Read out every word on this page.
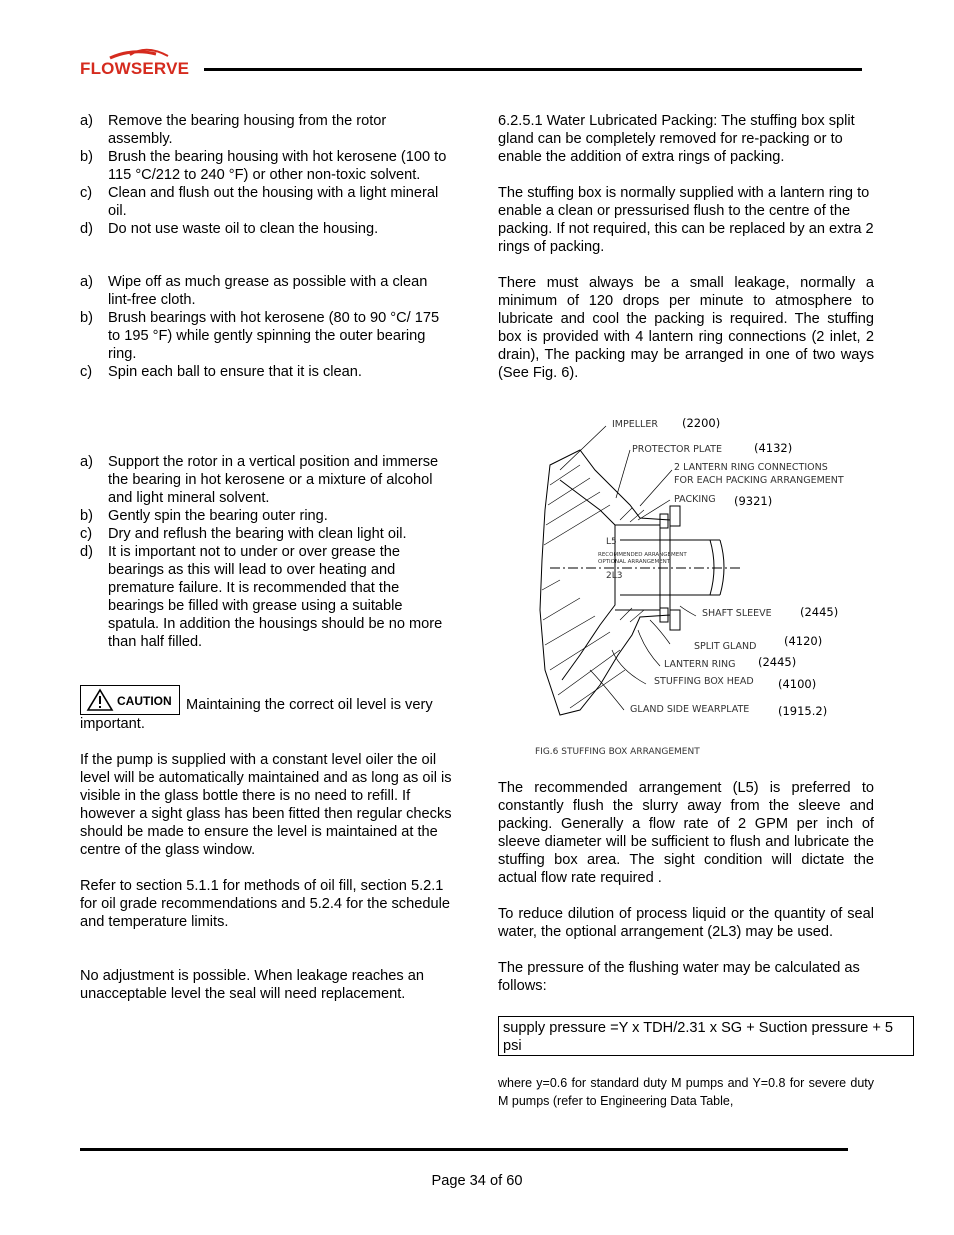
FLOWSERVE
a) Remove the bearing housing from the rotor assembly.
b) Brush the bearing housing with hot kerosene (100 to 115 °C/212 to 240 °F) or other non-toxic solvent.
c) Clean and flush out the housing with a light mineral oil.
d) Do not use waste oil to clean the housing.
a) Wipe off as much grease as possible with a clean lint-free cloth.
b) Brush bearings with hot kerosene (80 to 90 °C/ 175 to 195 °F) while gently spinning the outer bearing ring.
c) Spin each ball to ensure that it is clean.
a) Support the rotor in a vertical position and immerse the bearing in hot kerosene or a mixture of alcohol and light mineral solvent.
b) Gently spin the bearing outer ring.
c) Dry and reflush the bearing with clean light oil.
d) It is important not to under or over grease the bearings as this will lead to over heating and premature failure. It is recommended that the bearings be filled with grease using a suitable spatula. In addition the housings should be no more than half filled.

CAUTION Maintaining the correct oil level is very important.

If the pump is supplied with a constant level oiler the oil level will be automatically maintained and as long as oil is visible in the glass bottle there is no need to refill. If however a sight glass has been fitted then regular checks should be made to ensure the level is maintained at the centre of the glass window.

Refer to section 5.1.1 for methods of oil fill, section 5.2.1 for oil grade recommendations and 5.2.4 for the schedule and temperature limits.

No adjustment is possible. When leakage reaches an unacceptable level the seal will need replacement.

6.2.5.1 Water Lubricated Packing: The stuffing box split gland can be completely removed for re-packing or to enable the addition of extra rings of packing.

The stuffing box is normally supplied with a lantern ring to enable a clean or pressurised flush to the centre of the packing. If not required, this can be replaced by an extra 2 rings of packing.

There must always be a small leakage, normally a minimum of 120 drops per minute to atmosphere to lubricate and cool the packing is required. The stuffing box is provided with 4 lantern ring connections (2 inlet, 2 drain), The packing may be arranged in one of two ways (See Fig. 6).

IMPELLER
PROTECTOR PLATE
2 LANTERN RING CONNECTIONS
FOR EACH PACKING ARRANGEMENT
PACKING
SHAFT SLEEVE
SPLIT GLAND
LANTERN RING
STUFFING BOX HEAD
GLAND SIDE WEARPLATE
L5
2L3
RECOMMENDED ARRANGEMENT
OPTIONAL ARRANGEMENT
FIG.6 STUFFING BOX ARRANGEMENT
(2200)
(4132)
(9321)
(2445)
(4120)
(2445)
(4100)
(1915.2)

The recommended arrangement (L5) is preferred to constantly flush the slurry away from the sleeve and packing. Generally a flow rate of 2 GPM per inch of sleeve diameter will be sufficient to flush and lubricate the stuffing box area. The sight condition will dictate the actual flow rate required .

To reduce dilution of process liquid or the quantity of seal water, the optional arrangement (2L3) may be used.

The pressure of the flushing water may be calculated as follows:

supply pressure =Y x TDH/2.31 x SG + Suction pressure + 5 psi
where y=0.6 for standard duty M pumps and Y=0.8 for severe duty M pumps (refer to Engineering Data Table,
Page 34 of 60
